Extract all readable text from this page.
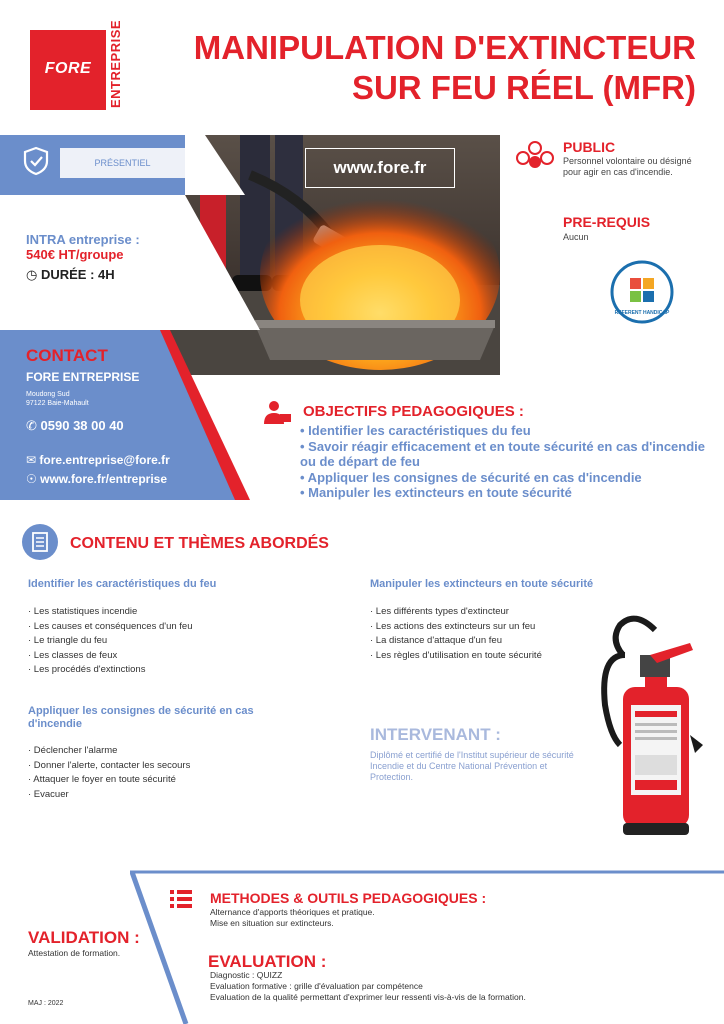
FORE	ENTREPRISE MANIPULATION D'EXTINCTEUR
SUR FEU RÉEL (MFR)
PRÉSENTIEL	www.fore.fr
INTRA entreprise :
540€ HT/groupe
◷ DURÉE : 4H
CONTACT
FORE ENTREPRISE
Moudong Sud
97122 Baie-Mahault
✆ 0590 38 00 40
✉ fore.entreprise@fore.fr
☉ www.fore.fr/entreprise
PUBLIC
Personnel volontaire ou désigné pour agir en cas d'incendie.
PRE-REQUIS
Aucun
REFERENT HANDICAP
OBJECTIFS PEDAGOGIQUES :
• Identifier les caractéristiques du feu
• Savoir réagir efficacement et en toute sécurité en cas d'incendie ou de départ de feu
• Appliquer les consignes de sécurité en cas d'incendie
• Manipuler les extincteurs en toute sécurité
CONTENU ET THÈMES ABORDÉS
Identifier les caractéristiques du feu
· Les statistiques incendie
· Les causes et conséquences d'un feu
· Le triangle du feu
· Les classes de feux
· Les procédés d'extinctions
Appliquer les consignes de sécurité en cas d'incendie
· Déclencher l'alarme
· Donner l'alerte, contacter les secours
· Attaquer le foyer en toute sécurité
· Evacuer
Manipuler les extincteurs en toute sécurité
· Les différents types d'extincteur
· Les actions des extincteurs sur un feu
· La distance d'attaque d'un feu
· Les règles d'utilisation en toute sécurité
INTERVENANT :
Diplômé et certifié de l'Institut supérieur de sécurité Incendie et du Centre National Prévention et Protection.
METHODES & OUTILS PEDAGOGIQUES :
Alternance d'apports théoriques et pratique.
Mise en situation sur extincteurs.
EVALUATION :
Diagnostic : QUIZZ
Evaluation formative : grille d'évaluation par compétence
Evaluation de la qualité permettant d'exprimer leur ressenti vis-à-vis de la formation.
VALIDATION :
Attestation de formation.
MAJ : 2022
